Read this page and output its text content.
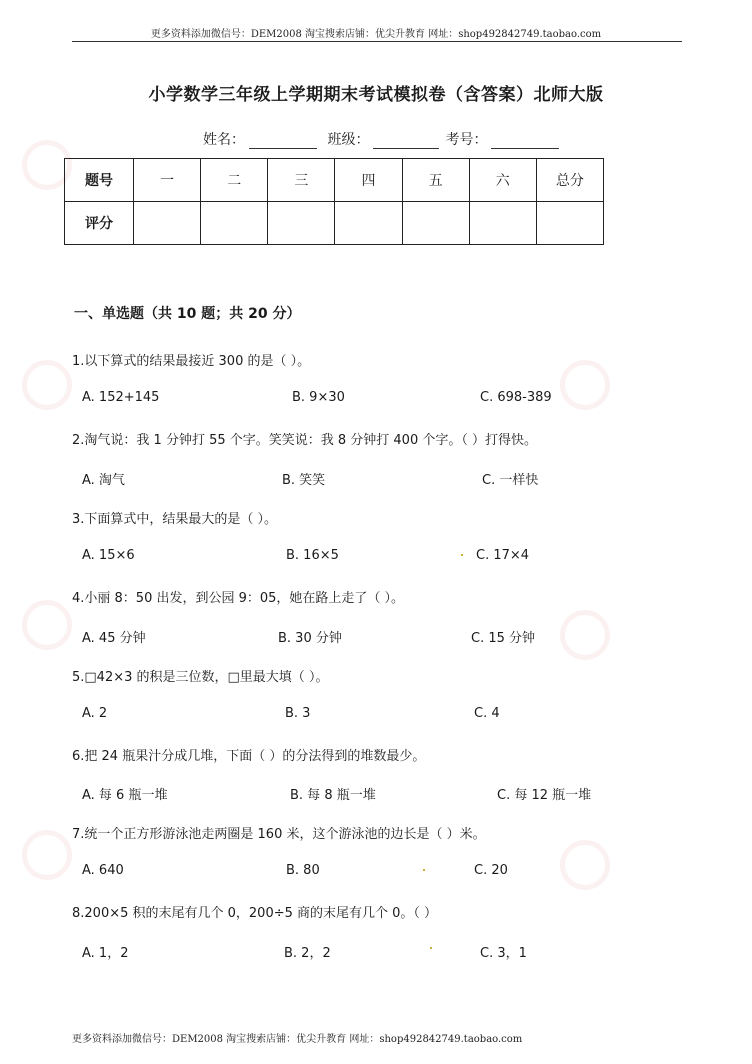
更多资料添加微信号：DEM2008 淘宝搜索店铺：优尖升教育 网址：shop492842749.taobao.com
小学数学三年级上学期期末考试模拟卷（含答案）北师大版
姓名：	班级：	考号：
题号	一	二	三	四	五	六	总分
评分							
一、单选题（共 10 题；共 20 分）
1.以下算式的结果最接近 300 的是（ ）。
A. 152+145	B. 9×30	C. 698-389
2.淘气说：我 1 分钟打 55 个字。笑笑说：我 8 分钟打 400 个字。（ ）打得快。
A. 淘气	B. 笑笑	C. 一样快
3.下面算式中，结果最大的是（ ）。
A. 15×6	B. 16×5	C. 17×4
4.小丽 8：50 出发，到公园 9：05，她在路上走了（ ）。
A. 45 分钟	B. 30 分钟	C. 15 分钟
5.□42×3 的积是三位数，□里最大填（ ）。
A. 2	B. 3	C. 4
6.把 24 瓶果汁分成几堆，下面（ ）的分法得到的堆数最少。
A. 每 6 瓶一堆	B. 每 8 瓶一堆	C. 每 12 瓶一堆
7.统一个正方形游泳池走两圈是 160 米，这个游泳池的边长是（ ）米。
A. 640	B. 80	C. 20
8.200×5 积的末尾有几个 0，200÷5 商的末尾有几个 0。（ ）
A. 1，2	B. 2，2	C. 3，1
更多资料添加微信号：DEM2008 淘宝搜索店铺：优尖升教育 网址：shop492842749.taobao.com
